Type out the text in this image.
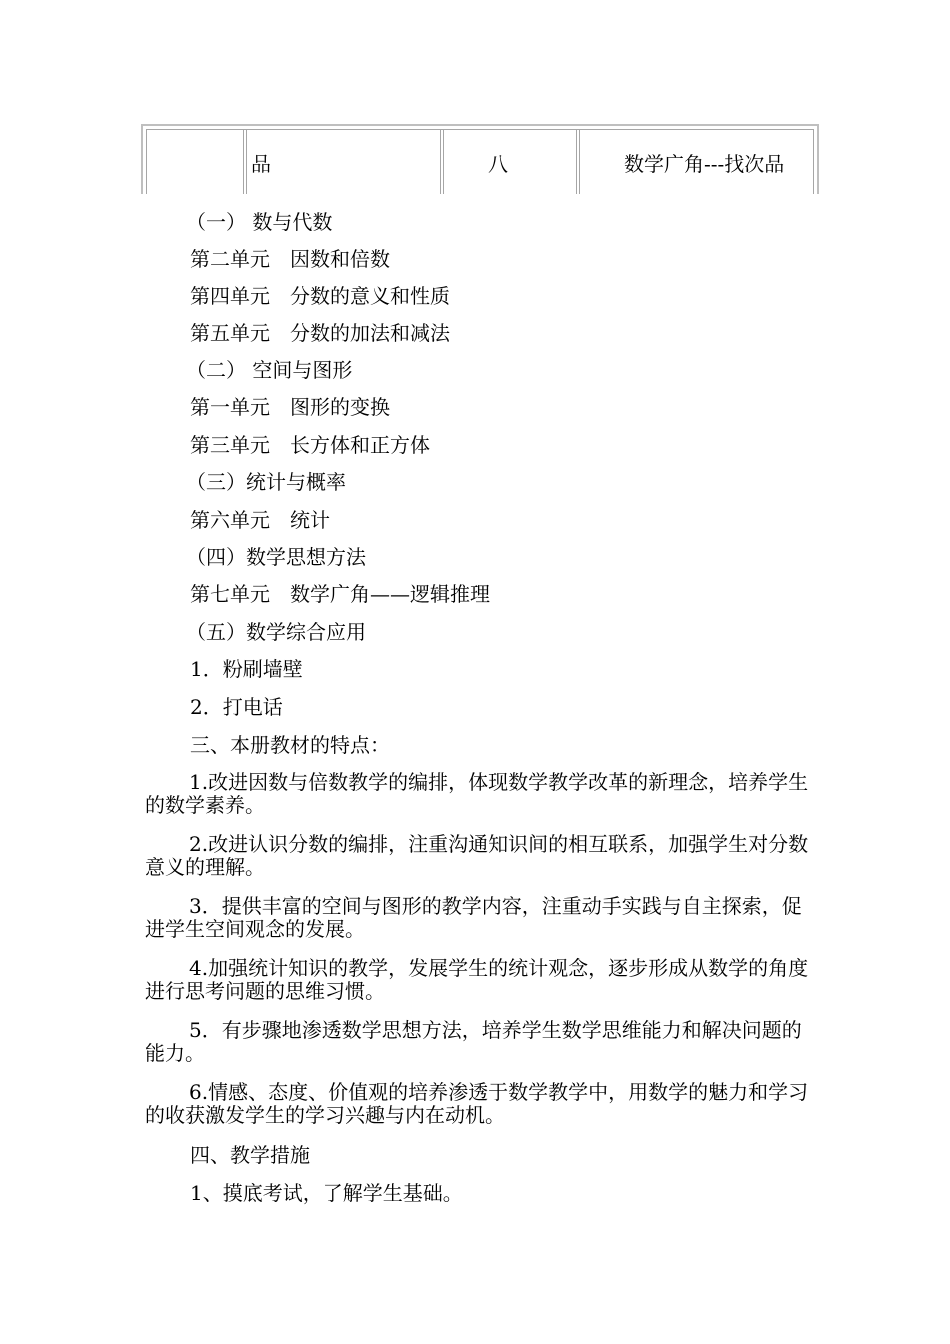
品	八	数学广角---找次品
（一） 数与代数
第二单元　因数和倍数
第四单元　分数的意义和性质
第五单元　分数的加法和减法
（二） 空间与图形
第一单元　图形的变换
第三单元　长方体和正方体
（三）统计与概率
第六单元　统计
（四）数学思想方法
第七单元　数学广角——逻辑推理
（五）数学综合应用
1．粉刷墙壁
2．打电话
三、本册教材的特点：
1.改进因数与倍数教学的编排，体现数学教学改革的新理念，培养学生的数学素养。
2.改进认识分数的编排，注重沟通知识间的相互联系，加强学生对分数意义的理解。
3．提供丰富的空间与图形的教学内容，注重动手实践与自主探索，促进学生空间观念的发展。
4.加强统计知识的教学，发展学生的统计观念，逐步形成从数学的角度进行思考问题的思维习惯。
5．有步骤地渗透数学思想方法，培养学生数学思维能力和解决问题的能力。
6.情感、态度、价值观的培养渗透于数学教学中，用数学的魅力和学习的收获激发学生的学习兴趣与内在动机。
四、教学措施
1、摸底考试，了解学生基础。
